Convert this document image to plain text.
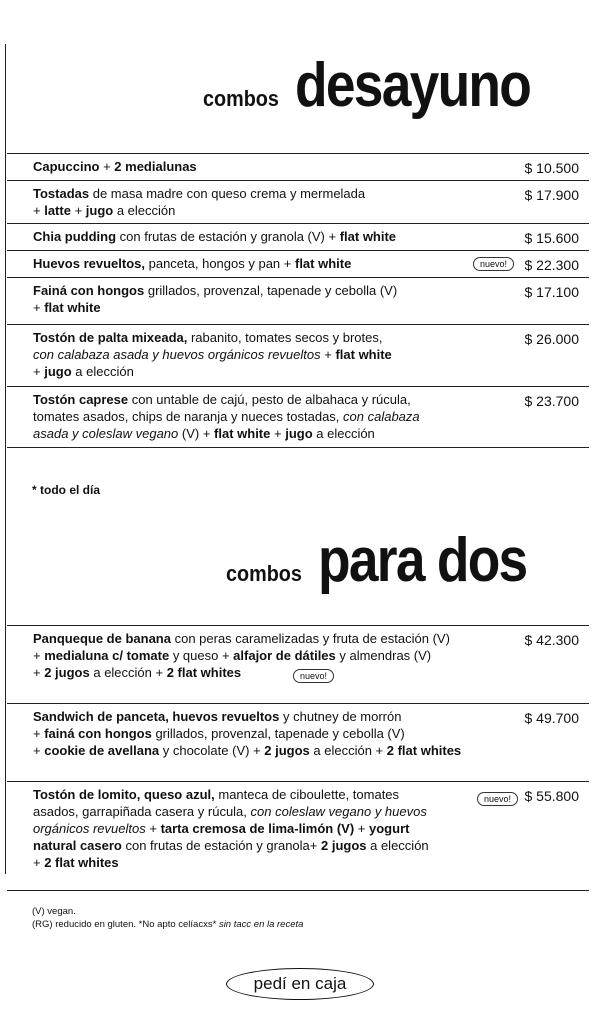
combos desayuno
Capuccino + 2 medialunas	$ 10.500
Tostadas de masa madre con queso crema y mermelada
+ latte + jugo a elección
$ 17.900
Chia pudding con frutas de estación y granola (V) + flat white	$ 15.600
Huevos revueltos, panceta, hongos y pan + flat white	nuevo!	$ 22.300
Fainá con hongos grillados, provenzal, tapenade y cebolla (V)
+ flat white
$ 17.100
Tostón de palta mixeada, rabanito, tomates secos y brotes,
con calabaza asada y huevos orgánicos revueltos + flat white
+ jugo a elección
$ 26.000
Tostón caprese con untable de cajú, pesto de albahaca y rúcula,
tomates asados, chips de naranja y nueces tostadas, con calabaza
asada y coleslaw vegano (V) + flat white + jugo a elección
$ 23.700
* todo el día
combos para dos
Panqueque de banana con peras caramelizadas y fruta de estación (V)
+ medialuna c/ tomate y queso + alfajor de dátiles y almendras (V)
+ 2 jugos a elección + 2 flat whites	nuevo!
$ 42.300
Sandwich de panceta, huevos revueltos y chutney de morrón
+ fainá con hongos grillados, provenzal, tapenade y cebolla (V)
+ cookie de avellana y chocolate (V) + 2 jugos a elección + 2 flat whites
$ 49.700
Tostón de lomito, queso azul, manteca de ciboulette, tomates
asados, garrapiñada casera y rúcula, con coleslaw vegano y huevos
orgánicos revueltos + tarta cremosa de lima-limón (V) + yogurt
natural casero con frutas de estación y granola+ 2 jugos a elección
+ 2 flat whites
nuevo! $ 55.800
(V) vegan.
(RG) reducido en gluten. *No apto celíacxs* sin tacc en la receta
pedí en caja
